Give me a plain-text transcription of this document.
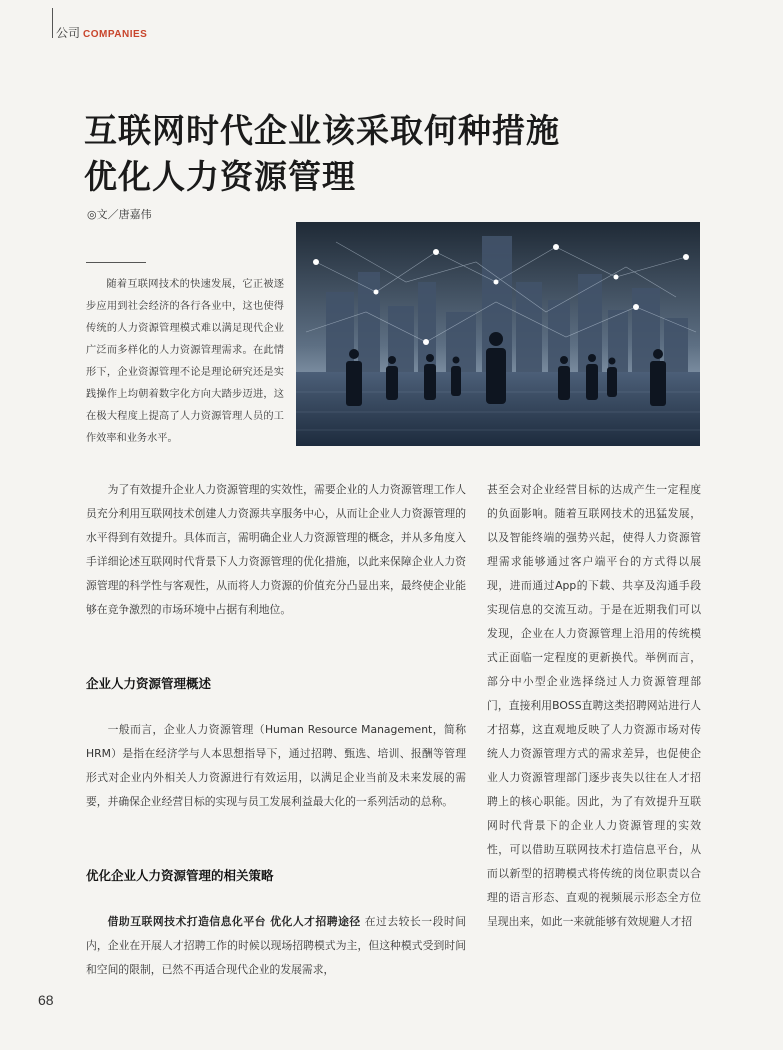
公司 COMPANIES
互联网时代企业该采取何种措施
优化人力资源管理
◎文／唐嘉伟
随着互联网技术的快速发展，它正被逐步应用到社会经济的各行各业中，这也使得传统的人力资源管理模式难以满足现代企业广泛而多样化的人力资源管理需求。在此情形下，企业资源管理不论是理论研究还是实践操作上均朝着数字化方向大踏步迈进，这在极大程度上提高了人力资源管理人员的工作效率和业务水平。

为了有效提升企业人力资源管理的实效性，需要企业的人力资源管理工作人员充分利用互联网技术创建人力资源共享服务中心，从而让企业人力资源管理的水平得到有效提升。具体而言，需明确企业人力资源管理的概念，并从多角度入手详细论述互联网时代背景下人力资源管理的优化措施，以此来保障企业人力资源管理的科学性与客观性，从而将人力资源的价值充分凸显出来，最终使企业能够在竞争激烈的市场环境中占据有利地位。

企业人力资源管理概述

一般而言，企业人力资源管理（Human Resource Management，简称HRM）是指在经济学与人本思想指导下，通过招聘、甄选、培训、报酬等管理形式对企业内外相关人力资源进行有效运用，以满足企业当前及未来发展的需要，并确保企业经营目标的实现与员工发展利益最大化的一系列活动的总称。

优化企业人力资源管理的相关策略

借助互联网技术打造信息化平台 优化人才招聘途径 在过去较长一段时间内，企业在开展人才招聘工作的时候以现场招聘模式为主，但这种模式受到时间和空间的限制，已然不再适合现代企业的发展需求，

甚至会对企业经营目标的达成产生一定程度的负面影响。随着互联网技术的迅猛发展，以及智能终端的强势兴起，使得人力资源管理需求能够通过客户端平台的方式得以展现，进而通过App的下载、共享及沟通手段实现信息的交流互动。于是在近期我们可以发现，企业在人力资源管理上沿用的传统模式正面临一定程度的更新换代。举例而言，部分中小型企业选择绕过人力资源管理部门，直接利用BOSS直聘这类招聘网站进行人才招募，这直观地反映了人力资源市场对传统人力资源管理方式的需求差异，也促使企业人力资源管理部门逐步丧失以往在人才招聘上的核心职能。因此，为了有效提升互联网时代背景下的企业人力资源管理的实效性，可以借助互联网技术打造信息平台，从而以新型的招聘模式将传统的岗位职责以合理的语言形态、直观的视频展示形态全方位呈现出来，如此一来就能够有效规避人才招

68
